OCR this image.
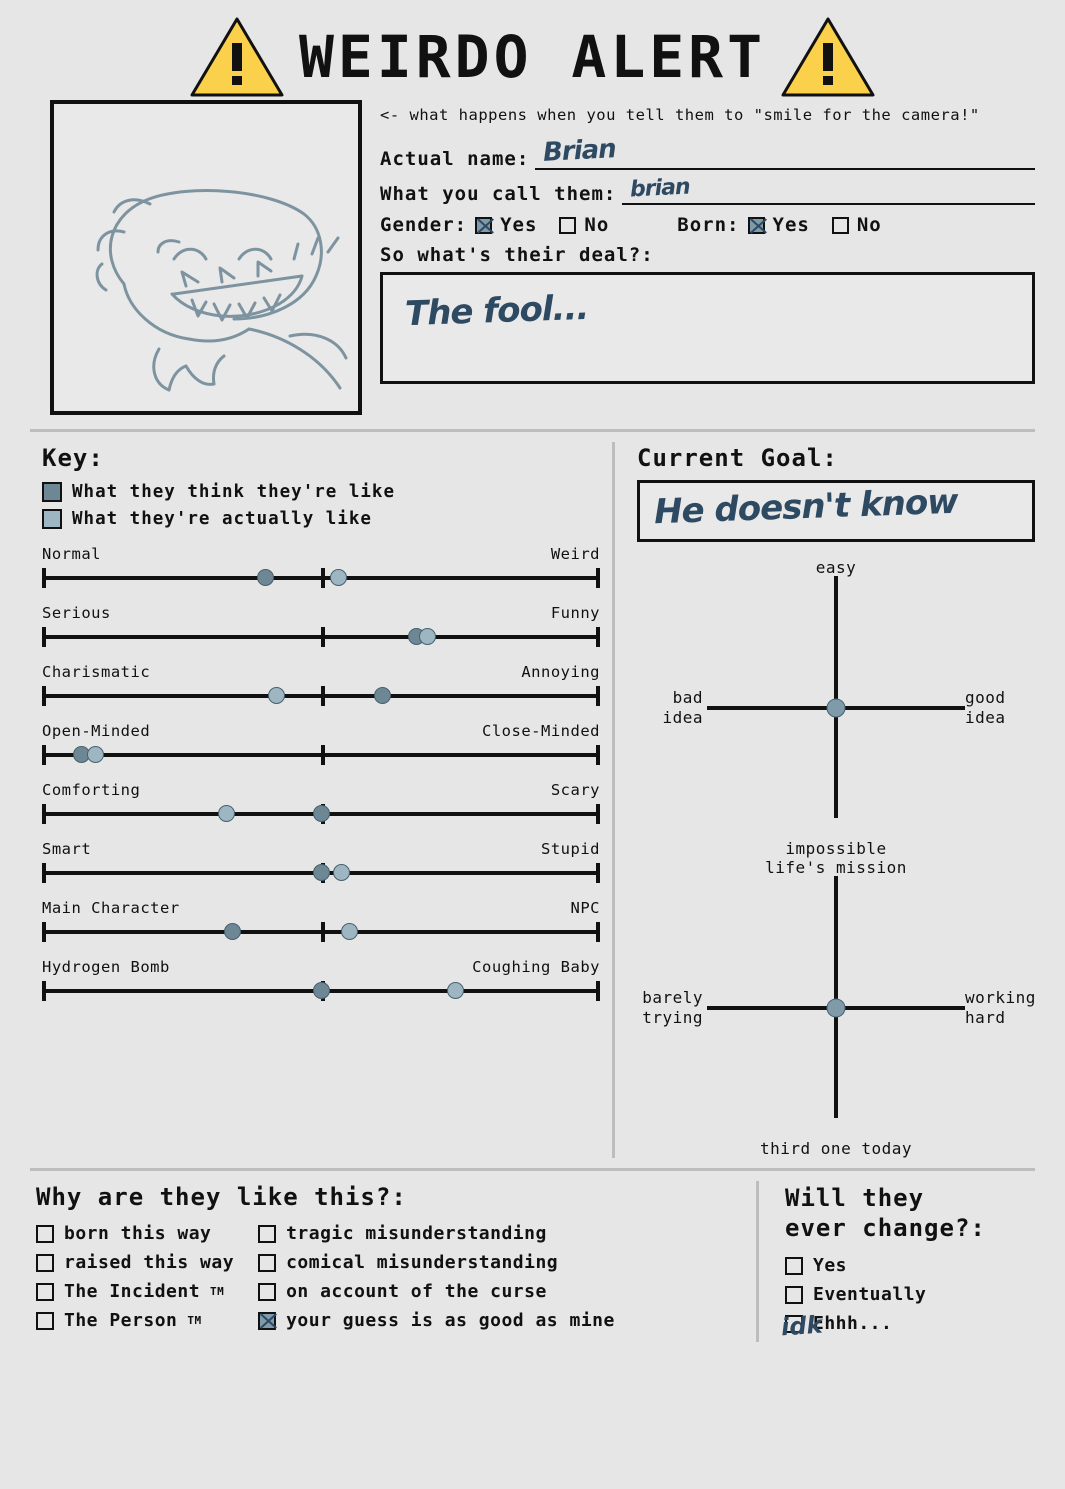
WEIRDO ALERT
<- what happens when you tell them to "smile for the camera!"
Actual name: Brian
What you call them: brian
Gender: Yes No	Born: Yes No
So what's their deal?:
The fool...
Key:
What they think they're like
What they're actually like
Normal	Weird
Serious	Funny
Charismatic	Annoying
Open-Minded	Close-Minded
Comforting	Scary
Smart	Stupid
Main Character	NPC
Hydrogen Bomb	Coughing Baby
Current Goal:
He doesn't know
easy
impossible
bad
idea
good
idea
life's mission
third one today
barely
trying
working
hard
Why are they like this?:
born this way
raised this way
The Incident TM
The Person TM
tragic misunderstanding
comical misunderstanding
on account of the curse
your guess is as good as mine
Will they
ever change?:
Yes
Eventually
Ehhh...
idk
